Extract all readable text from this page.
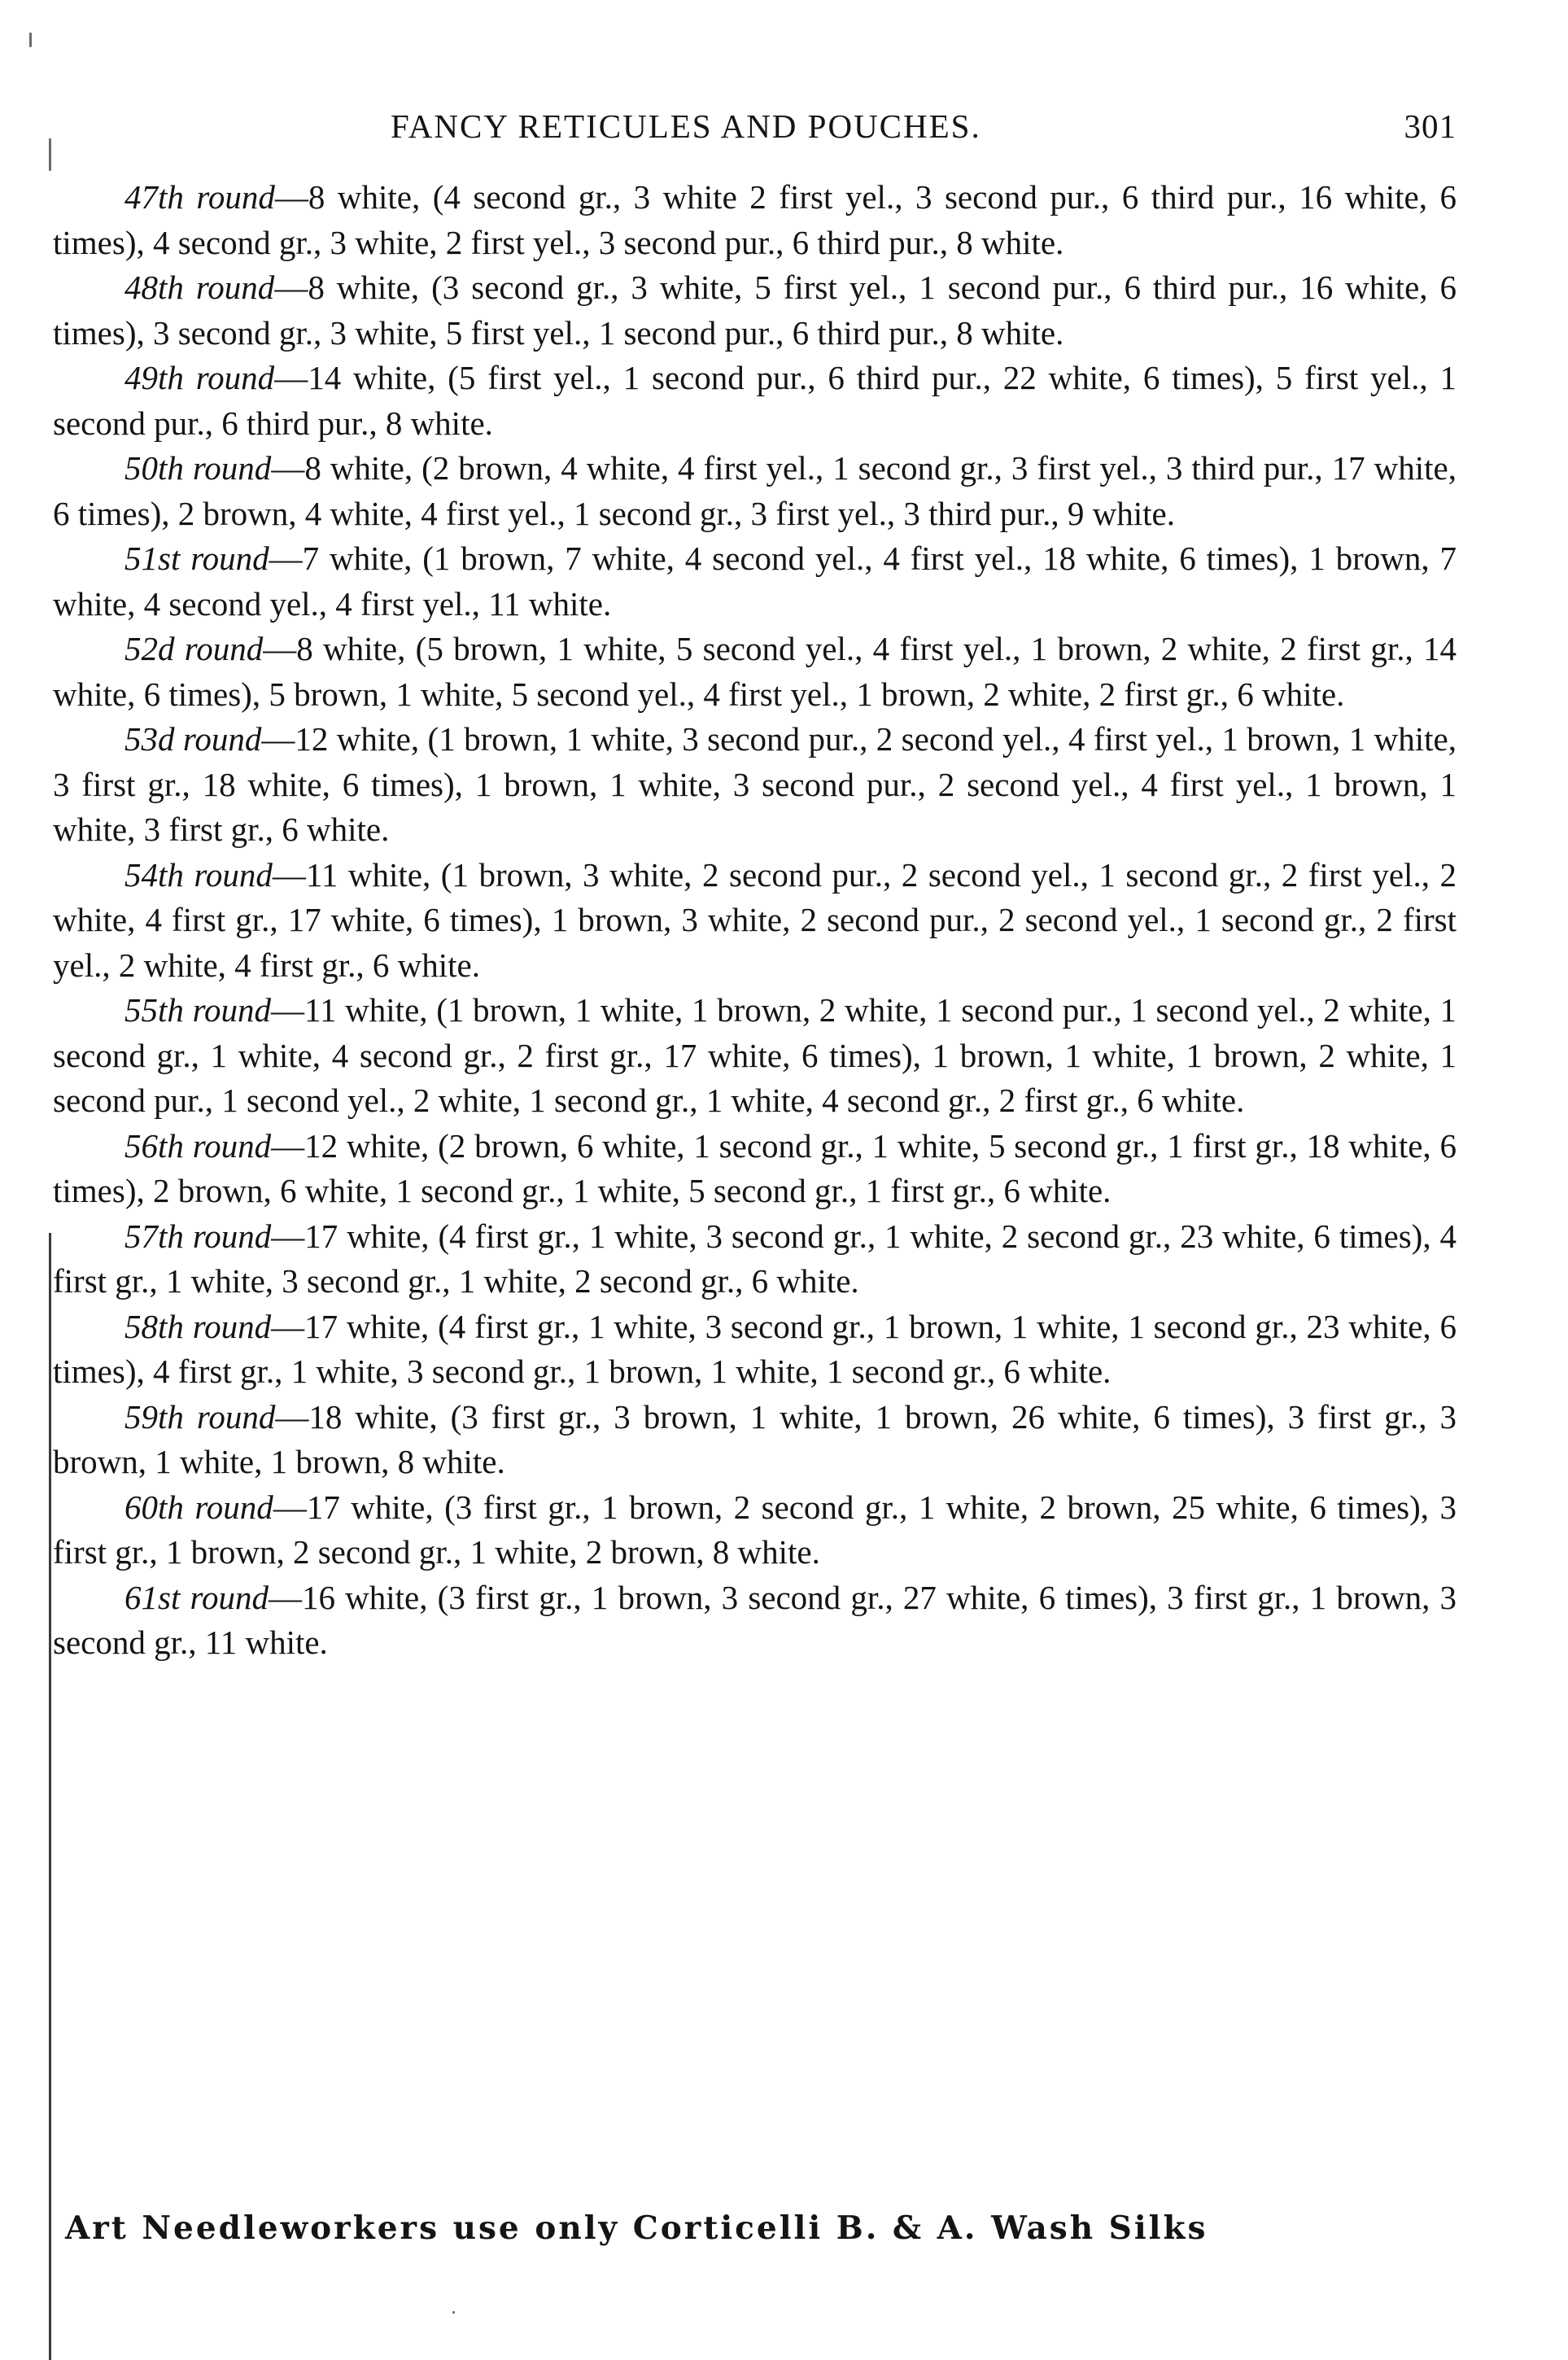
FANCY RETICULES AND POUCHES.	301

47th round—8 white, (4 second gr., 3 white 2 first yel., 3 second pur., 6 third pur., 16 white, 6 times), 4 second gr., 3 white, 2 first yel., 3 second pur., 6 third pur., 8 white.

48th round—8 white, (3 second gr., 3 white, 5 first yel., 1 second pur., 6 third pur., 16 white, 6 times), 3 second gr., 3 white, 5 first yel., 1 second pur., 6 third pur., 8 white.

49th round—14 white, (5 first yel., 1 second pur., 6 third pur., 22 white, 6 times), 5 first yel., 1 second pur., 6 third pur., 8 white.

50th round—8 white, (2 brown, 4 white, 4 first yel., 1 second gr., 3 first yel., 3 third pur., 17 white, 6 times), 2 brown, 4 white, 4 first yel., 1 second gr., 3 first yel., 3 third pur., 9 white.

51st round—7 white, (1 brown, 7 white, 4 second yel., 4 first yel., 18 white, 6 times), 1 brown, 7 white, 4 second yel., 4 first yel., 11 white.

52d round—8 white, (5 brown, 1 white, 5 second yel., 4 first yel., 1 brown, 2 white, 2 first gr., 14 white, 6 times), 5 brown, 1 white, 5 second yel., 4 first yel., 1 brown, 2 white, 2 first gr., 6 white.

53d round—12 white, (1 brown, 1 white, 3 second pur., 2 second yel., 4 first yel., 1 brown, 1 white, 3 first gr., 18 white, 6 times), 1 brown, 1 white, 3 second pur., 2 second yel., 4 first yel., 1 brown, 1 white, 3 first gr., 6 white.

54th round—11 white, (1 brown, 3 white, 2 second pur., 2 second yel., 1 second gr., 2 first yel., 2 white, 4 first gr., 17 white, 6 times), 1 brown, 3 white, 2 second pur., 2 second yel., 1 second gr., 2 first yel., 2 white, 4 first gr., 6 white.

55th round—11 white, (1 brown, 1 white, 1 brown, 2 white, 1 second pur., 1 second yel., 2 white, 1 second gr., 1 white, 4 second gr., 2 first gr., 17 white, 6 times), 1 brown, 1 white, 1 brown, 2 white, 1 second pur., 1 second yel., 2 white, 1 second gr., 1 white, 4 second gr., 2 first gr., 6 white.

56th round—12 white, (2 brown, 6 white, 1 second gr., 1 white, 5 second gr., 1 first gr., 18 white, 6 times), 2 brown, 6 white, 1 second gr., 1 white, 5 second gr., 1 first gr., 6 white.

57th round—17 white, (4 first gr., 1 white, 3 second gr., 1 white, 2 second gr., 23 white, 6 times), 4 first gr., 1 white, 3 second gr., 1 white, 2 second gr., 6 white.

58th round—17 white, (4 first gr., 1 white, 3 second gr., 1 brown, 1 white, 1 second gr., 23 white, 6 times), 4 first gr., 1 white, 3 second gr., 1 brown, 1 white, 1 second gr., 6 white.

59th round—18 white, (3 first gr., 3 brown, 1 white, 1 brown, 26 white, 6 times), 3 first gr., 3 brown, 1 white, 1 brown, 8 white.

60th round—17 white, (3 first gr., 1 brown, 2 second gr., 1 white, 2 brown, 25 white, 6 times), 3 first gr., 1 brown, 2 second gr., 1 white, 2 brown, 8 white.

61st round—16 white, (3 first gr., 1 brown, 3 second gr., 27 white, 6 times), 3 first gr., 1 brown, 3 second gr., 11 white.

Art Needleworkers use only Corticelli B. & A. Wash Silks
